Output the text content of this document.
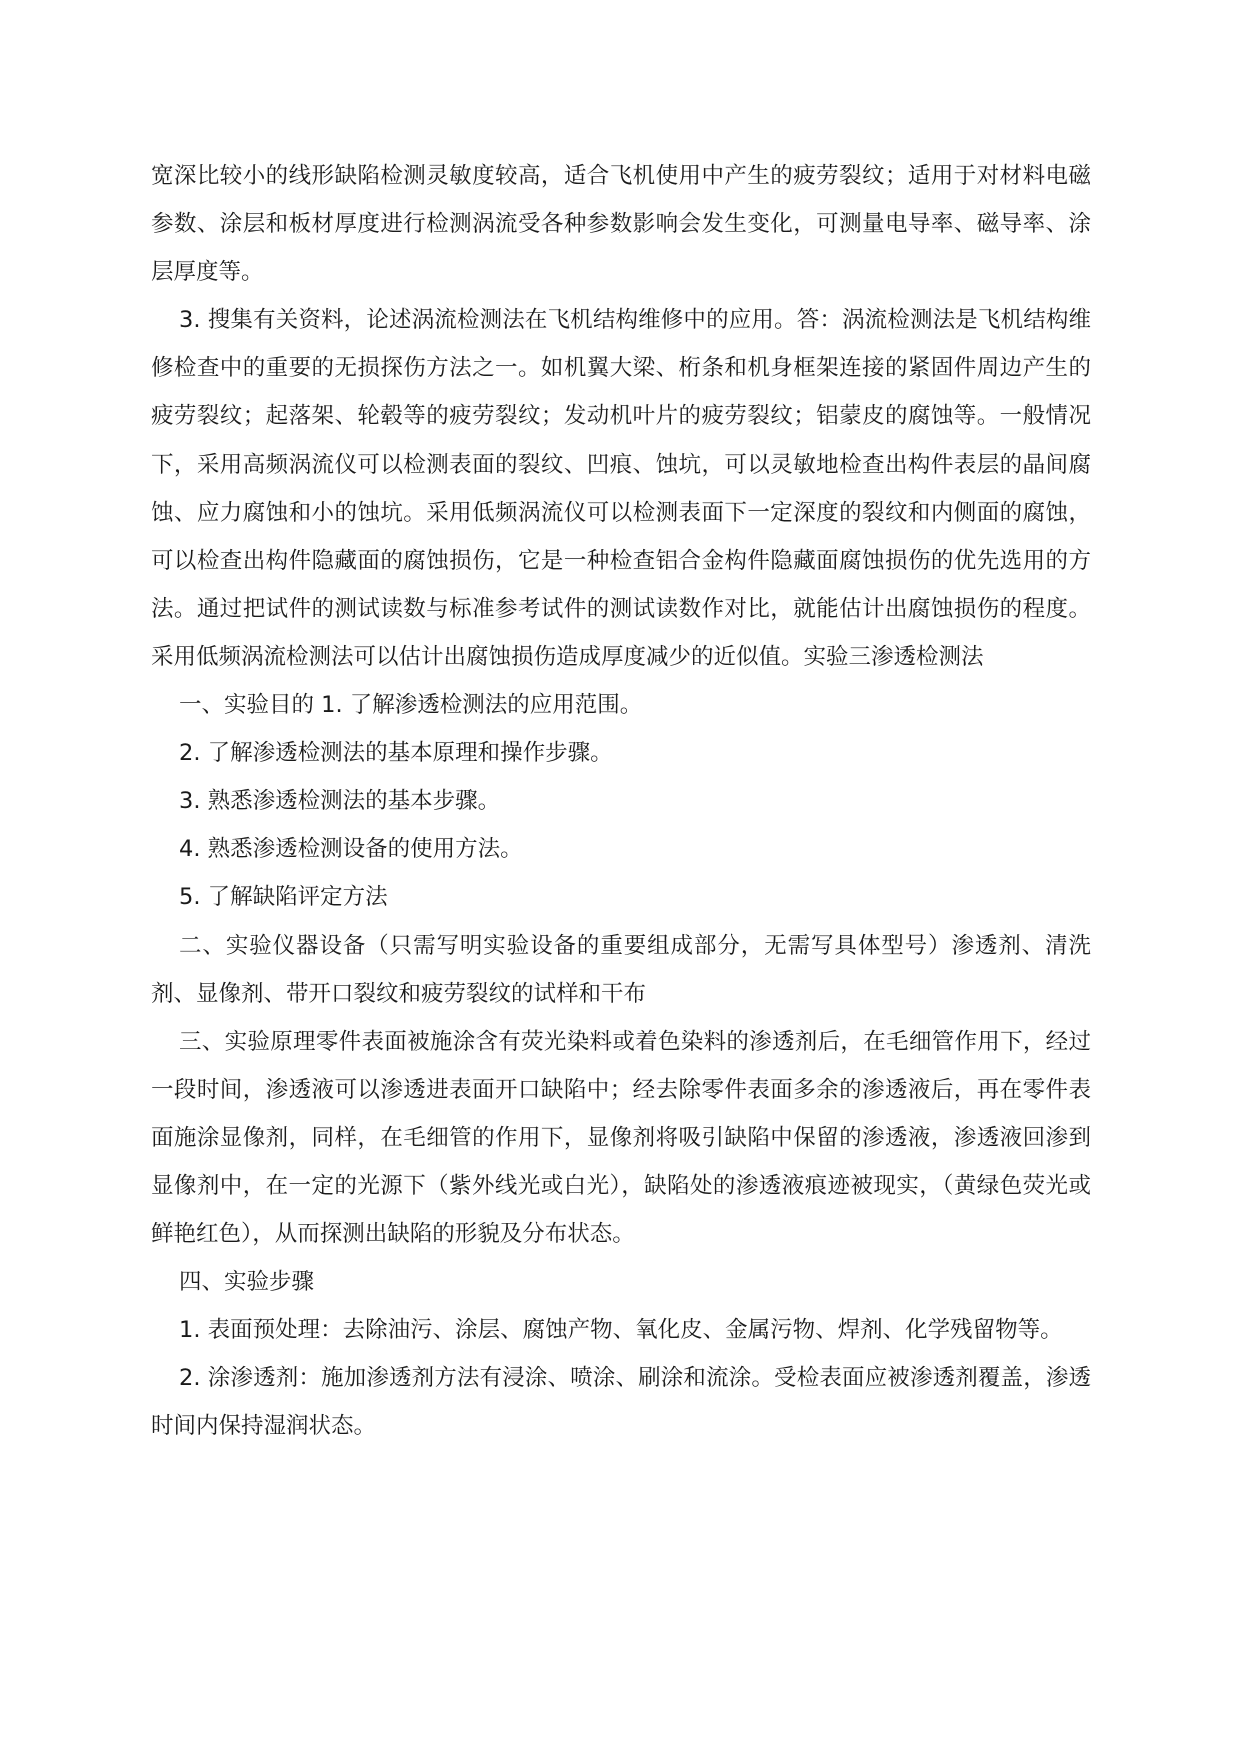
宽深比较小的线形缺陷检测灵敏度较高，适合飞机使用中产生的疲劳裂纹；适用于对材料电磁参数、涂层和板材厚度进行检测涡流受各种参数影响会发生变化，可测量电导率、磁导率、涂层厚度等。

3. 搜集有关资料，论述涡流检测法在飞机结构维修中的应用。答：涡流检测法是飞机结构维修检查中的重要的无损探伤方法之一。如机翼大梁、桁条和机身框架连接的紧固件周边产生的疲劳裂纹；起落架、轮毂等的疲劳裂纹；发动机叶片的疲劳裂纹；铝蒙皮的腐蚀等。一般情况下，采用高频涡流仪可以检测表面的裂纹、凹痕、蚀坑，可以灵敏地检查出构件表层的晶间腐蚀、应力腐蚀和小的蚀坑。采用低频涡流仪可以检测表面下一定深度的裂纹和内侧面的腐蚀，可以检查出构件隐藏面的腐蚀损伤，它是一种检查铝合金构件隐藏面腐蚀损伤的优先选用的方法。通过把试件的测试读数与标准参考试件的测试读数作对比，就能估计出腐蚀损伤的程度。采用低频涡流检测法可以估计出腐蚀损伤造成厚度减少的近似值。实验三渗透检测法

一、实验目的 1. 了解渗透检测法的应用范围。

2. 了解渗透检测法的基本原理和操作步骤。

3. 熟悉渗透检测法的基本步骤。

4. 熟悉渗透检测设备的使用方法。

5. 了解缺陷评定方法

二、实验仪器设备（只需写明实验设备的重要组成部分，无需写具体型号）渗透剂、清洗剂、显像剂、带开口裂纹和疲劳裂纹的试样和干布

三、实验原理零件表面被施涂含有荧光染料或着色染料的渗透剂后，在毛细管作用下，经过一段时间，渗透液可以渗透进表面开口缺陷中；经去除零件表面多余的渗透液后，再在零件表面施涂显像剂，同样，在毛细管的作用下，显像剂将吸引缺陷中保留的渗透液，渗透液回渗到显像剂中，在一定的光源下（紫外线光或白光），缺陷处的渗透液痕迹被现实，（黄绿色荧光或鲜艳红色），从而探测出缺陷的形貌及分布状态。

四、实验步骤

1. 表面预处理：去除油污、涂层、腐蚀产物、氧化皮、金属污物、焊剂、化学残留物等。

2. 涂渗透剂：施加渗透剂方法有浸涂、喷涂、刷涂和流涂。受检表面应被渗透剂覆盖，渗透时间内保持湿润状态。
